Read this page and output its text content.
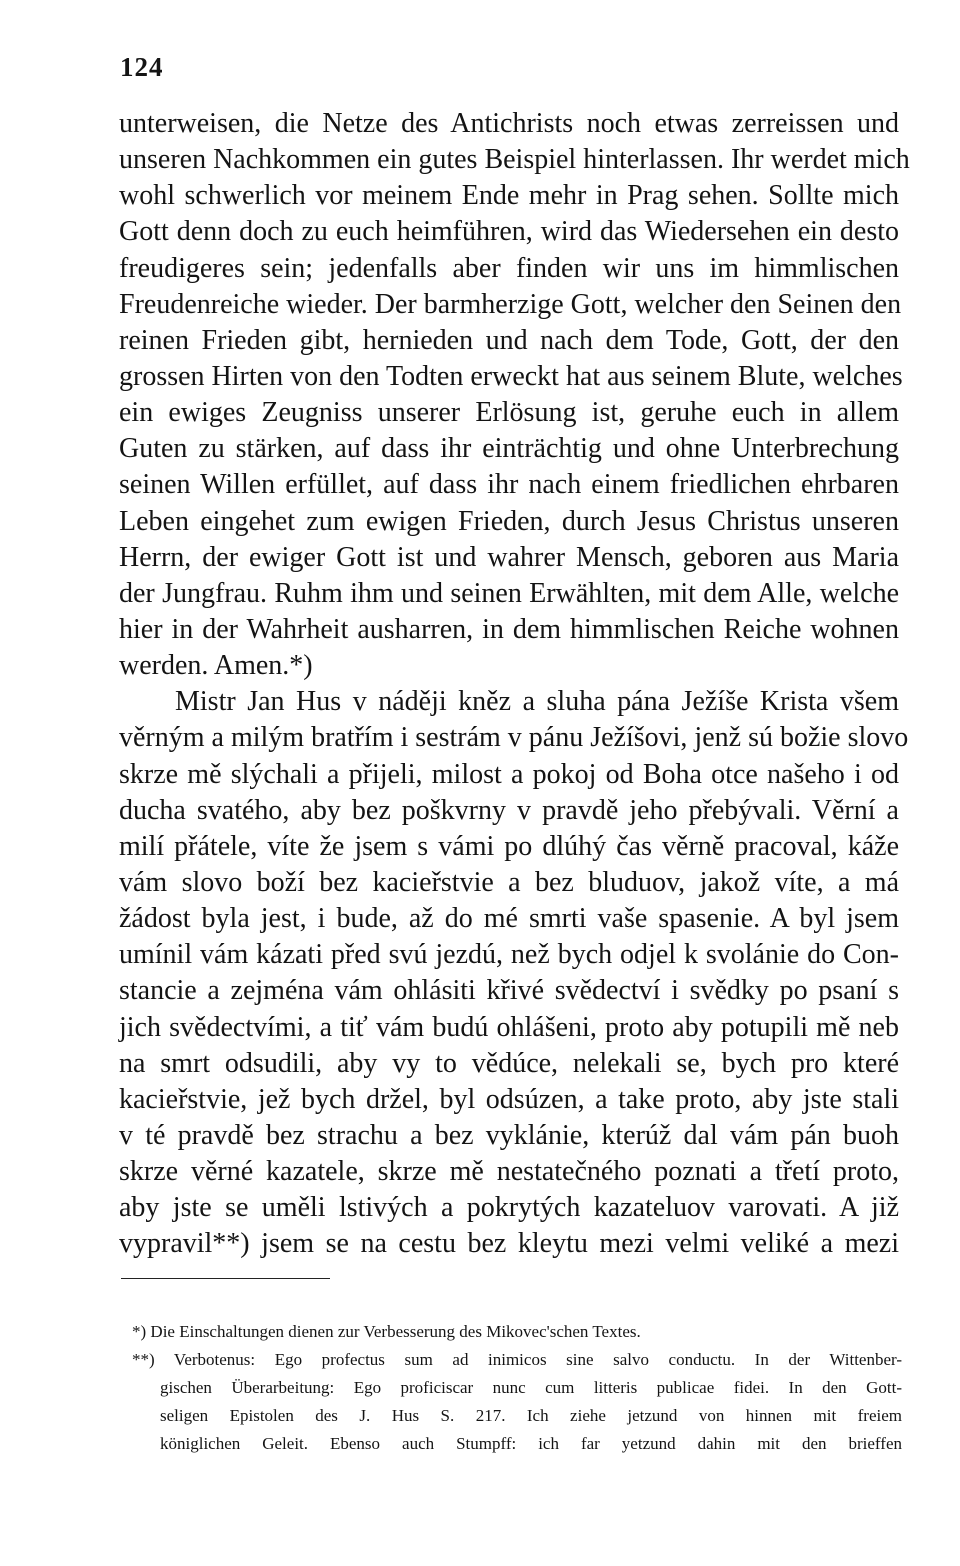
124
unterweisen, die Netze des Antichrists noch etwas zerreissen und
unseren Nachkommen ein gutes Beispiel hinterlassen. Ihr werdet mich
wohl schwerlich vor meinem Ende mehr in Prag sehen. Sollte mich
Gott denn doch zu euch heimführen, wird das Wiedersehen ein desto
freudigeres sein; jedenfalls aber finden wir uns im himmlischen
Freudenreiche wieder. Der barmherzige Gott, welcher den Seinen den
reinen Frieden gibt, hernieden und nach dem Tode, Gott, der den
grossen Hirten von den Todten erweckt hat aus seinem Blute, welches
ein ewiges Zeugniss unserer Erlösung ist, geruhe euch in allem
Guten zu stärken, auf dass ihr einträchtig und ohne Unterbrechung
seinen Willen erfüllet, auf dass ihr nach einem friedlichen ehrbaren
Leben eingehet zum ewigen Frieden, durch Jesus Christus unseren
Herrn, der ewiger Gott ist und wahrer Mensch, geboren aus Maria
der Jungfrau. Ruhm ihm und seinen Erwählten, mit dem Alle, welche
hier in der Wahrheit ausharren, in dem himmlischen Reiche wohnen
werden. Amen.*)
Mistr Jan Hus v náději kněz a sluha pána Ježíše Krista všem
věrným a milým bratřím i sestrám v pánu Ježíšovi, jenž sú božie slovo
skrze mě slýchali a přijeli, milost a pokoj od Boha otce našeho i od
ducha svatého, aby bez poškvrny v pravdě jeho přebývali. Věrní a
milí přátele, víte že jsem s vámi po dlúhý čas věrně pracoval, káže
vám slovo boží bez kacieřstvie a bez bluduov, jakož víte, a má
žádost byla jest, i bude, až do mé smrti vaše spasenie. A byl jsem
umínil vám kázati před svú jezdú, než bych odjel k svolánie do Con-
stancie a zejména vám ohlásiti křivé svědectví i svědky po psaní s
jich svědectvími, a tiť vám budú ohlášeni, proto aby potupili mě neb
na smrt odsudili, aby vy to vědúce, nelekali se, bych pro které
kacieřstvie, jež bych držel, byl odsúzen, a take proto, aby jste stali
v té pravdě bez strachu a bez vyklánie, kterúž dal vám pán buoh
skrze věrné kazatele, skrze mě nestatečného poznati a třetí proto,
aby jste se uměli lstivých a pokrytých kazateluov varovati. A již
vypravil**) jsem se na cestu bez kleytu mezi velmi veliké a mezi
*) Die Einschaltungen dienen zur Verbesserung des Mikovec'schen Textes.
**) Verbotenus: Ego profectus sum ad inimicos sine salvo conductu. In der Wittenber-
gischen Überarbeitung: Ego proficiscar nunc cum litteris publicae fidei. In den Gott-
seligen Epistolen des J. Hus S. 217. Ich ziehe jetzund von hinnen mit freiem
königlichen Geleit. Ebenso auch Stumpff: ich far yetzund dahin mit den brieffen
